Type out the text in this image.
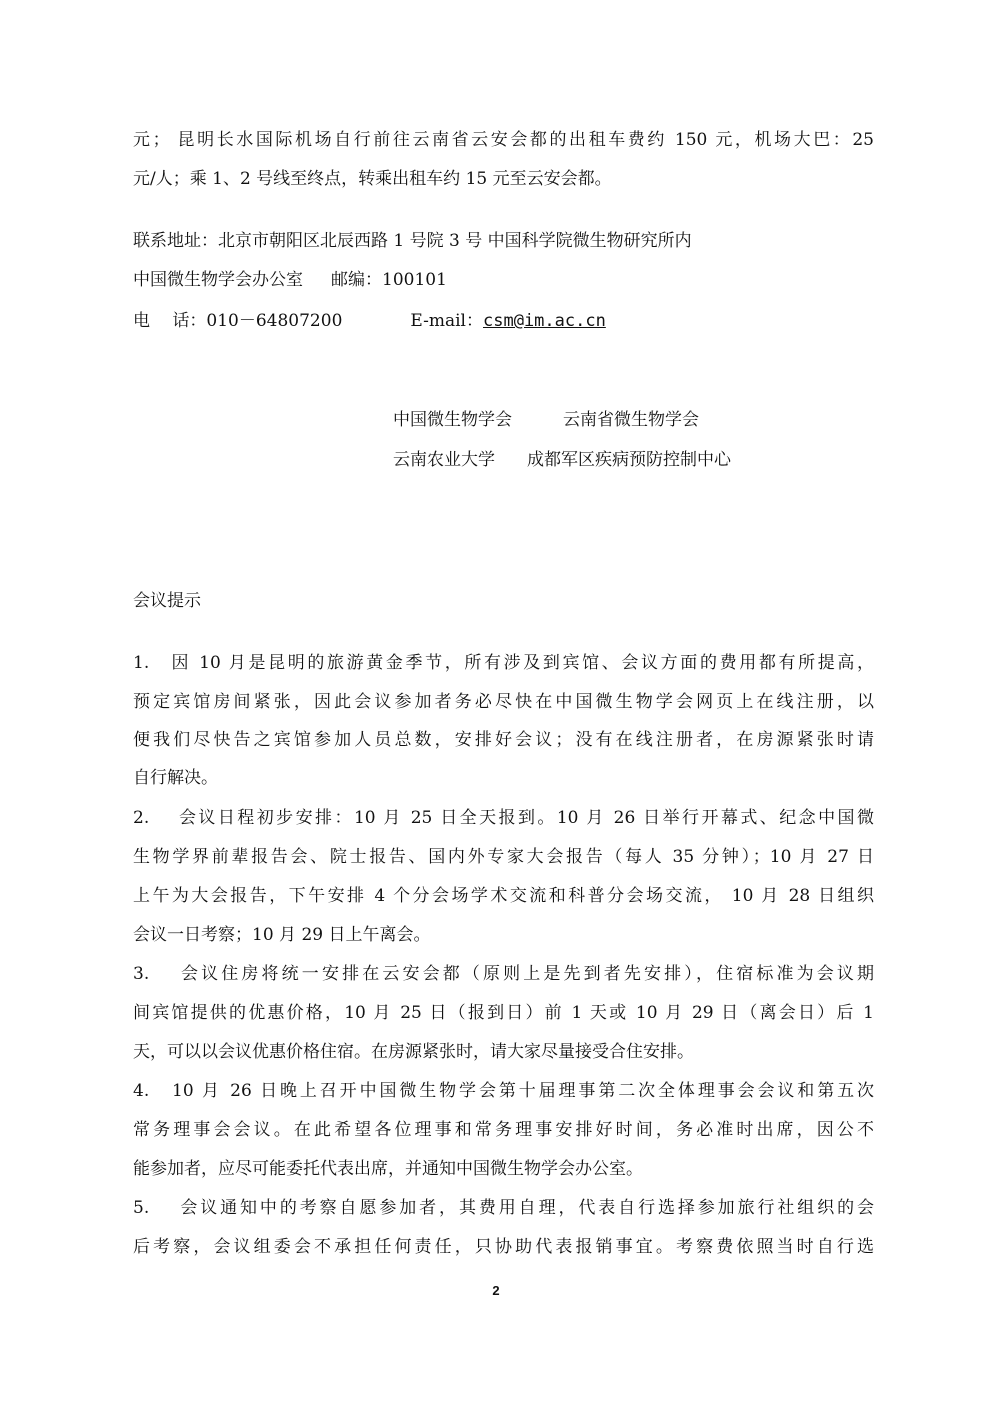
元； 昆明长水国际机场自行前往云南省云安会都的出租车费约 150 元，机场大巴：25
元/人；乘 1、2 号线至终点，转乘出租车约 15 元至云安会都。
联系地址：北京市朝阳区北辰西路 1 号院 3 号 中国科学院微生物研究所内
中国微生物学会办公室 邮编：100101
电　 话：010－64807200	E-mail：csm@im.ac.cn
中国微生物学会	云南省微生物学会
云南农业大学 成都军区疾病预防控制中心
会议提示
1.　因 10 月是昆明的旅游黄金季节，所有涉及到宾馆、会议方面的费用都有所提高，
预定宾馆房间紧张，因此会议参加者务必尽快在中国微生物学会网页上在线注册，以
便我们尽快告之宾馆参加人员总数，安排好会议；没有在线注册者，在房源紧张时请
自行解决。
2.　 会议日程初步安排：10 月 25 日全天报到。10 月 26 日举行开幕式、纪念中国微
生物学界前辈报告会、院士报告、国内外专家大会报告（每人 35 分钟）；10 月 27 日
上午为大会报告，下午安排 4 个分会场学术交流和科普分会场交流， 10 月 28 日组织
会议一日考察；10 月 29 日上午离会。
3.　 会议住房将统一安排在云安会都（原则上是先到者先安排），住宿标准为会议期
间宾馆提供的优惠价格，10 月 25 日（报到日）前 1 天或 10 月 29 日（离会日）后 1
天，可以以会议优惠价格住宿。在房源紧张时，请大家尽量接受合住安排。
4.　10 月 26 日晚上召开中国微生物学会第十届理事第二次全体理事会会议和第五次
常务理事会会议。在此希望各位理事和常务理事安排好时间，务必准时出席，因公不
能参加者，应尽可能委托代表出席，并通知中国微生物学会办公室。
5.　 会议通知中的考察自愿参加者，其费用自理，代表自行选择参加旅行社组织的会
后考察，会议组委会不承担任何责任，只协助代表报销事宜。考察费依照当时自行选
2
